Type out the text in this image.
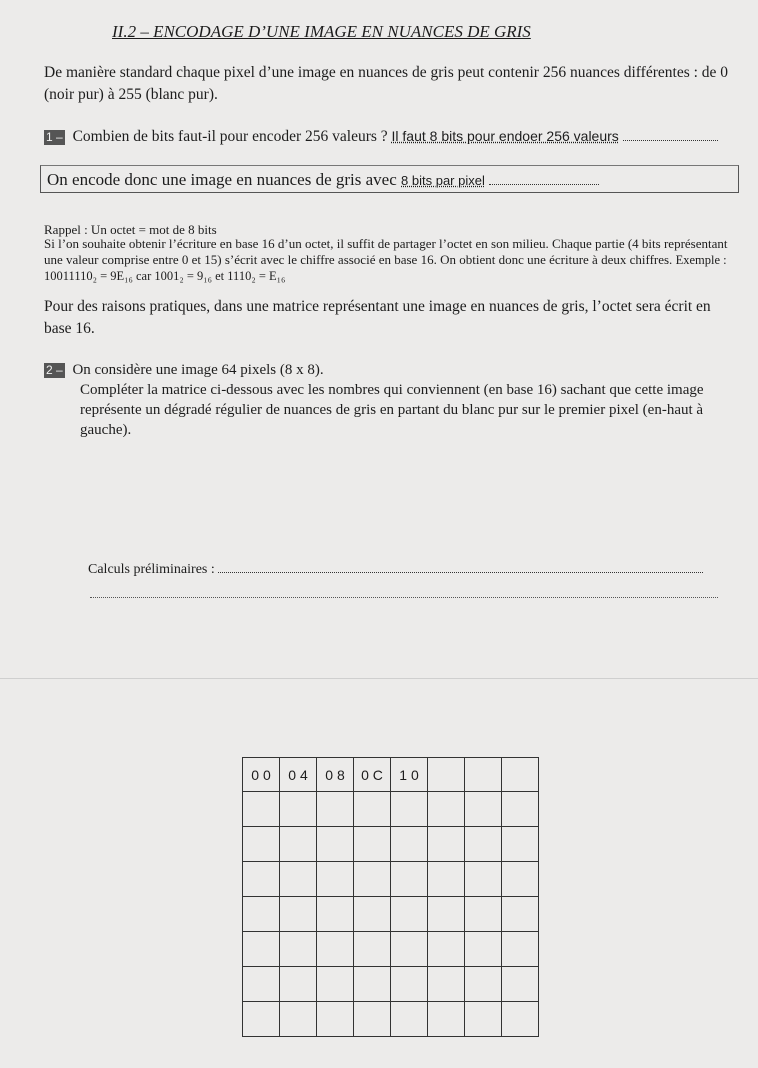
II.2 – ENCODAGE D’UNE IMAGE EN NUANCES DE GRIS
De manière standard chaque pixel d’une image en nuances de gris peut contenir 256 nuances différentes : de 0 (noir pur) à 255 (blanc pur).
1 – Combien de bits faut-il pour encoder 256 valeurs ? Il faut 8 bits pour endoer 256 valeurs
On encode donc une image en nuances de gris avec 8 bits par pixel
Rappel : Un octet = mot de 8 bits
Si l’on souhaite obtenir l’écriture en base 16 d’un octet, il suffit de partager l’octet en son milieu. Chaque partie (4 bits représentant une valeur comprise entre 0 et 15) s’écrit avec le chiffre associé en base 16. On obtient donc une écriture à deux chiffres. Exemple : 10011110₂ = 9E₁₆ car 1001₂ = 9₁₆ et 1110₂ = E₁₆
Pour des raisons pratiques, dans une matrice représentant une image en nuances de gris, l’octet sera écrit en base 16.
2 – On considère une image 64 pixels (8 x 8).
Compléter la matrice ci-dessous avec les nombres qui conviennent (en base 16) sachant que cette image représente un dégradé régulier de nuances de gris en partant du blanc pur sur le premier pixel (en-haut à gauche).
Calculs préliminaires :
0 0	0 4	0 8	0 C	1 0			
